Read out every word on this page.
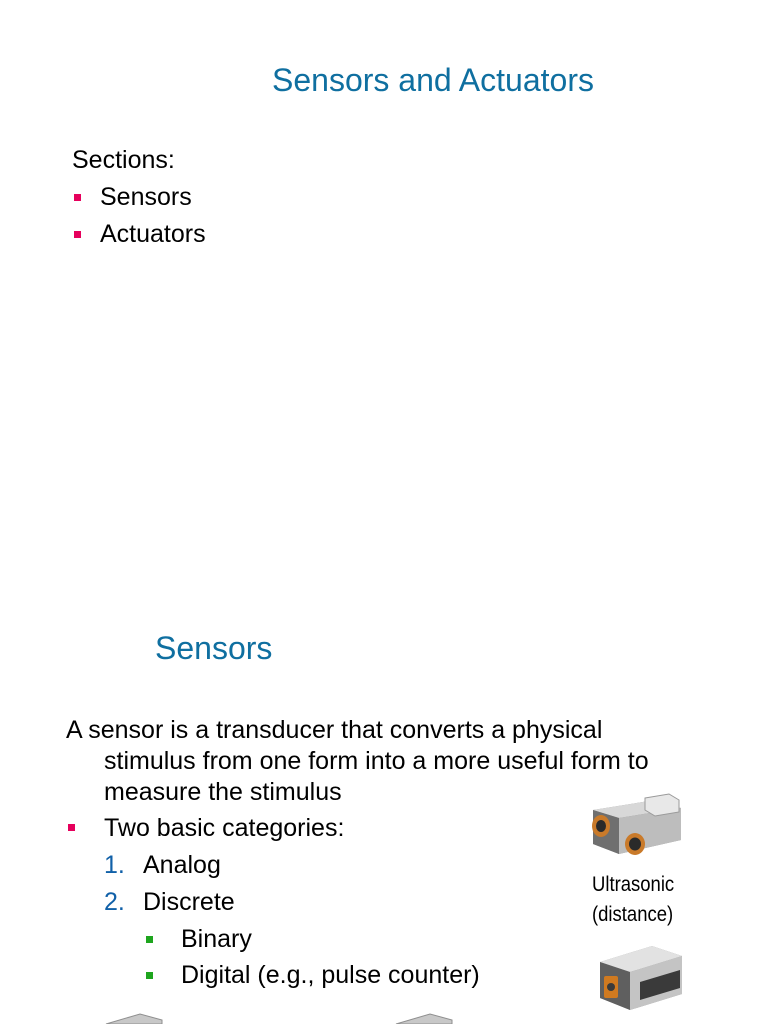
Sensors and Actuators
Sections:
Sensors
Actuators
Sensors
A sensor is a transducer that converts a physical
stimulus from one form into a more useful form to
measure the stimulus
Two basic categories:
1. Analog
2. Discrete
Binary
Digital (e.g., pulse counter)
Ultrasonic
(distance)
